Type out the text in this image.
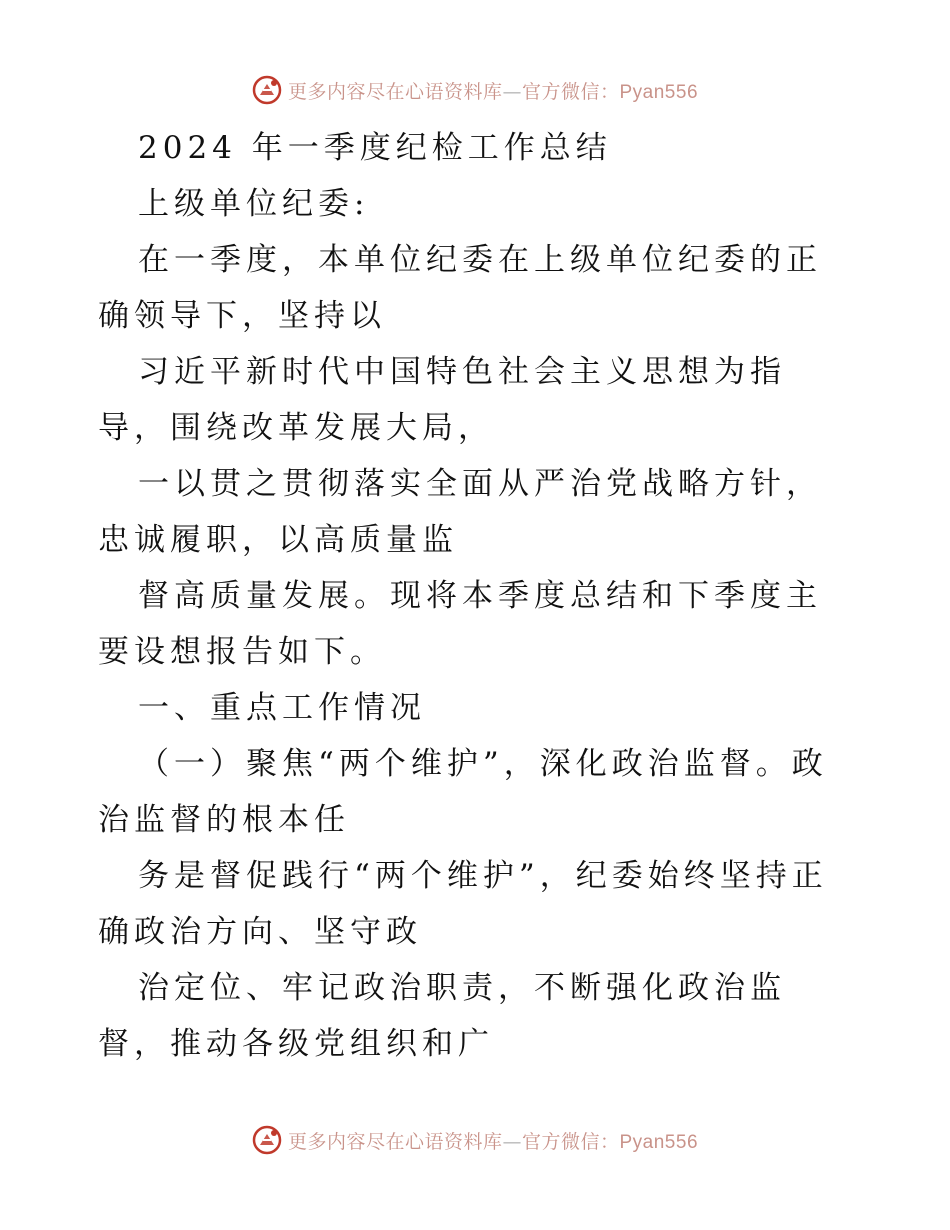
更多内容尽在心语资料库—官方微信：Pyan556

2024 年一季度纪检工作总结

上级单位纪委:

在一季度，本单位纪委在上级单位纪委的正确领导下，坚持以

习近平新时代中国特色社会主义思想为指导，围绕改革发展大局，

一以贯之贯彻落实全面从严治党战略方针，忠诚履职，以高质量监

督高质量发展。现将本季度总结和下季度主要设想报告如下。

一、重点工作情况

（一）聚焦“两个维护”，深化政治监督。政治监督的根本任

务是督促践行“两个维护”，纪委始终坚持正确政治方向、坚守政

治定位、牢记政治职责，不断强化政治监督，推动各级党组织和广

更多内容尽在心语资料库—官方微信：Pyan556
